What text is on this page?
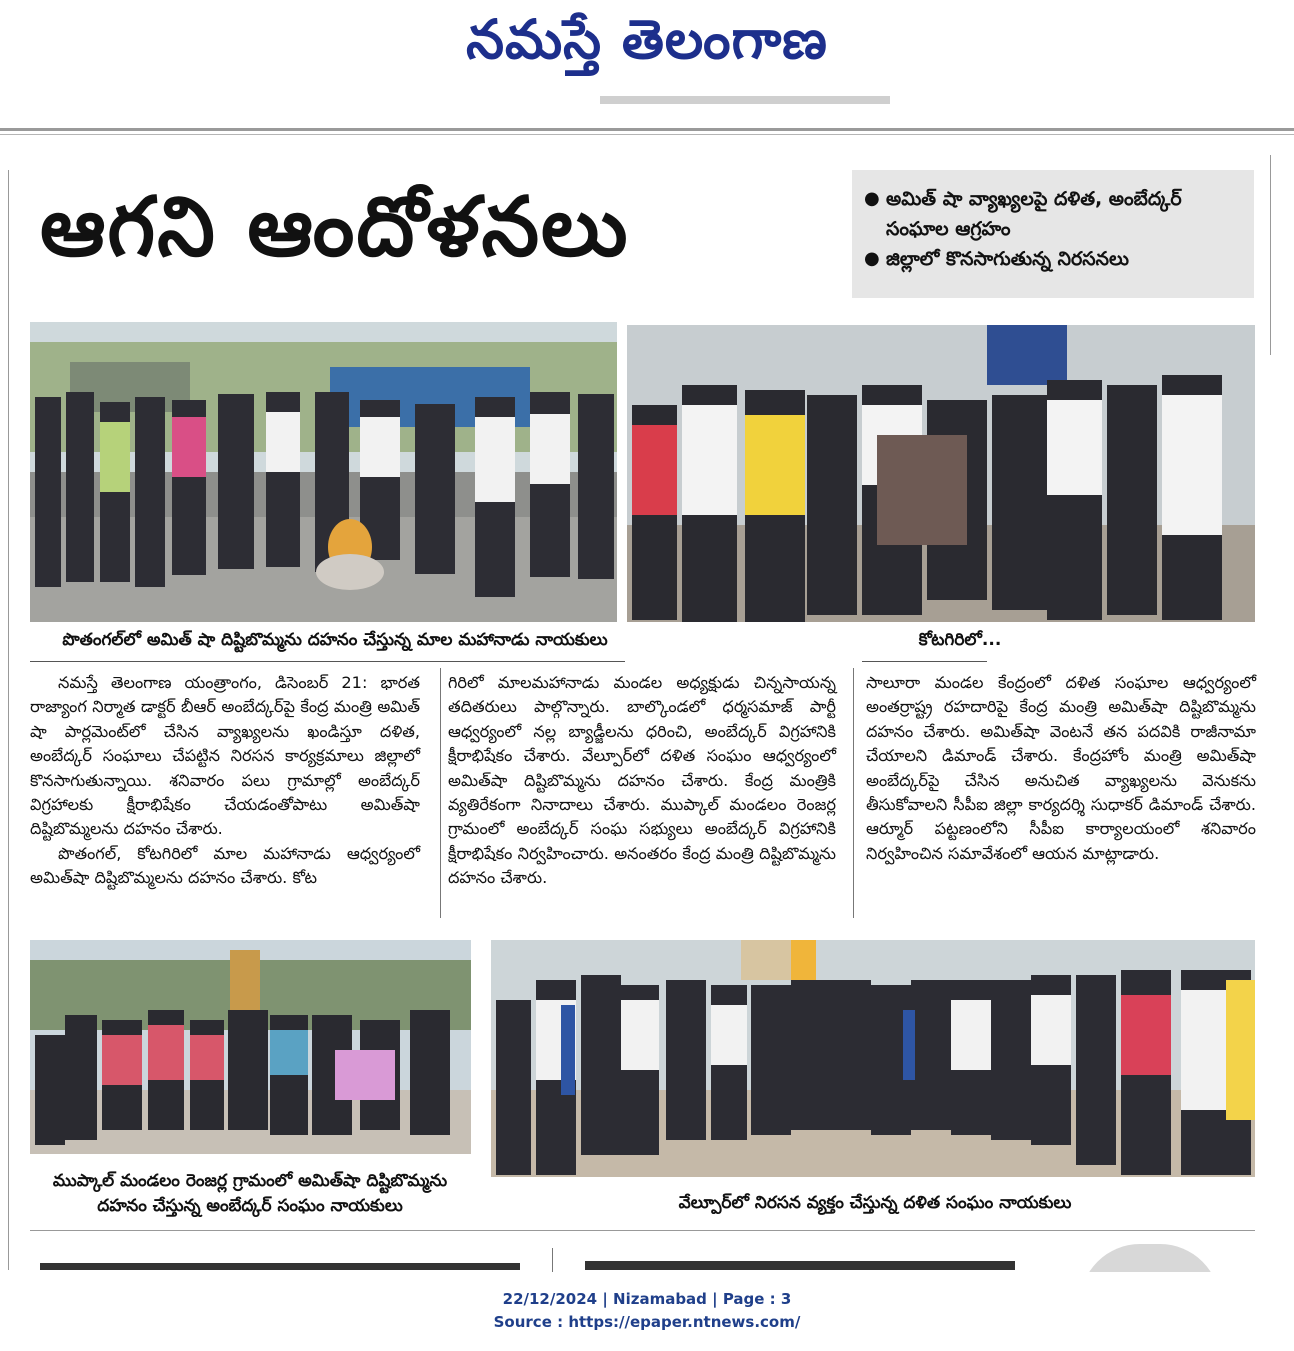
నమస్తే తెలంగాణ
ఆగని ఆందోళనలు	● అమిత్‌ షా వ్యాఖ్యలపై దళిత, అంబేద్కర్‌ సంఘాల ఆగ్రహం
● జిల్లాలో కొనసాగుతున్న నిరసనలు
పొతంగల్‌లో అమిత్‌ షా దిష్టిబొమ్మను దహనం చేస్తున్న మాల మహానాడు నాయకులు	కోటగిరిలో...

నమస్తే తెలంగాణ యంత్రాంగం, డిసెంబర్‌ 21: భారత రాజ్యాంగ నిర్మాత డాక్టర్‌ బీఆర్‌ అంబేద్కర్‌పై కేంద్ర మంత్రి అమిత్‌ షా పార్లమెంట్‌లో చేసిన వ్యాఖ్యలను ఖండిస్తూ దళిత, అంబేద్కర్‌ సంఘాలు చేపట్టిన నిరసన కార్యక్రమాలు జిల్లాలో కొనసాగుతున్నాయి. శనివారం పలు గ్రామాల్లో అంబేద్కర్‌ విగ్రహాలకు క్షీరాభిషేకం చేయడంతోపాటు అమిత్‌షా దిష్టిబొమ్మలను దహనం చేశారు.

పొతంగల్‌, కోటగిరిలో మాల మహానాడు ఆధ్వర్యంలో అమిత్‌షా దిష్టిబొమ్మలను దహనం చేశారు. కోట

గిరిలో మాలమహానాడు మండల అధ్యక్షుడు చిన్నసాయన్న తదితరులు పాల్గొన్నారు. బాల్కొండలో ధర్మసమాజ్‌ పార్టీ ఆధ్వర్యంలో నల్ల బ్యాడ్జీలను ధరించి, అంబేద్కర్‌ విగ్రహానికి క్షీరాభిషేకం చేశారు. వేల్పూర్‌లో దళిత సంఘం ఆధ్వర్యంలో అమిత్‌షా దిష్టిబొమ్మను దహనం చేశారు. కేంద్ర మంత్రికి వ్యతిరేకంగా నినాదాలు చేశారు. ముప్కాల్‌ మండలం రెంజర్ల గ్రామంలో అంబేద్కర్‌ సంఘ సభ్యులు అంబేద్కర్‌ విగ్రహానికి క్షీరాభిషేకం నిర్వహించారు. అనంతరం కేంద్ర మంత్రి దిష్టిబొమ్మను దహనం చేశారు.

సాలూరా మండల కేంద్రంలో దళిత సంఘాల ఆధ్వర్యంలో అంతర్రాష్ట్ర రహదారిపై కేంద్ర మంత్రి అమిత్‌షా దిష్టిబొమ్మను దహనం చేశారు. అమిత్‌షా వెంటనే తన పదవికి రాజీనామా చేయాలని డిమాండ్‌ చేశారు. కేంద్రహోం మంత్రి అమిత్‌షా అంబేద్కర్‌పై చేసిన అనుచిత వ్యాఖ్యలను వెనుకను తీసుకోవాలని సీపీఐ జిల్లా కార్యదర్శి సుధాకర్‌ డిమాండ్‌ చేశారు. ఆర్మూర్‌ పట్టణంలోని సీపీఐ కార్యాలయంలో శనివారం నిర్వహించిన సమావేశంలో ఆయన మాట్లాడారు.

ముప్కాల్‌ మండలం రెంజర్ల గ్రామంలో అమిత్‌షా దిష్టిబొమ్మను
దహనం చేస్తున్న అంబేద్కర్‌ సంఘం నాయకులు	వేల్పూర్‌లో నిరసన వ్యక్తం చేస్తున్న దళిత సంఘం నాయకులు
22/12/2024 | Nizamabad | Page : 3
Source : https://epaper.ntnews.com/
